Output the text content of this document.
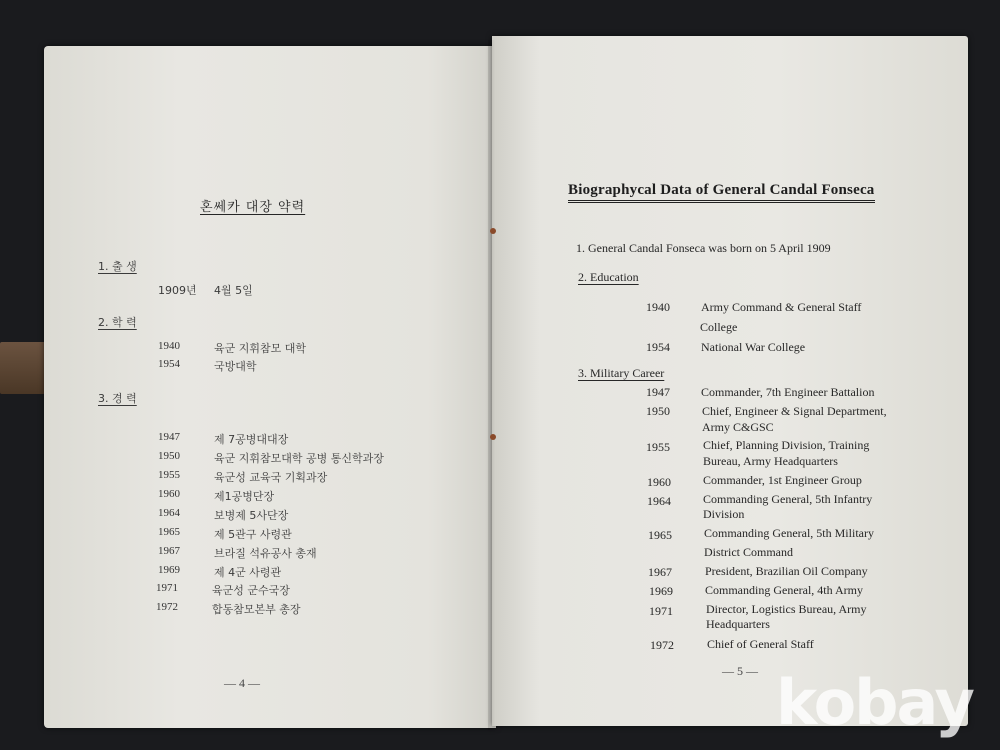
혼쎄카 대장 약력
1. 출 생
1909년 4월 5일
2. 학 력
1940	육군 지휘참모 대학
1954	국방대학
3. 경 력
1947	제 7공병대대장
1950	육군 지휘참모대학 공병 통신학과장
1955	육군성 교육국 기획과장
1960	제1공병단장
1964	보병제 5사단장
1965	제 5관구 사령관
1967	브라질 석유공사 총재
1969	제 4군 사령관
1971	육군성 군수국장
1972	합동참모본부 총장
— 4 —
Biographycal Data of General Candal Fonseca
1. General Candal Fonseca was born on 5 April 1909
2. Education
1940	Army Command & General Staff
College
1954	National War College
3. Military Career
1947	Commander, 7th Engineer Battalion
1950	Chief, Engineer & Signal Department,
Army C&GSC
1955	Chief, Planning Division, Training
Bureau, Army Headquarters
1960	Commander, 1st Engineer Group
1964	Commanding General, 5th Infantry
Division
1965	Commanding General, 5th Military
District Command
1967	President, Brazilian Oil Company
1969	Commanding General, 4th Army
1971	Director, Logistics Bureau, Army
Headquarters
1972	Chief of General Staff
— 5 — kobay
